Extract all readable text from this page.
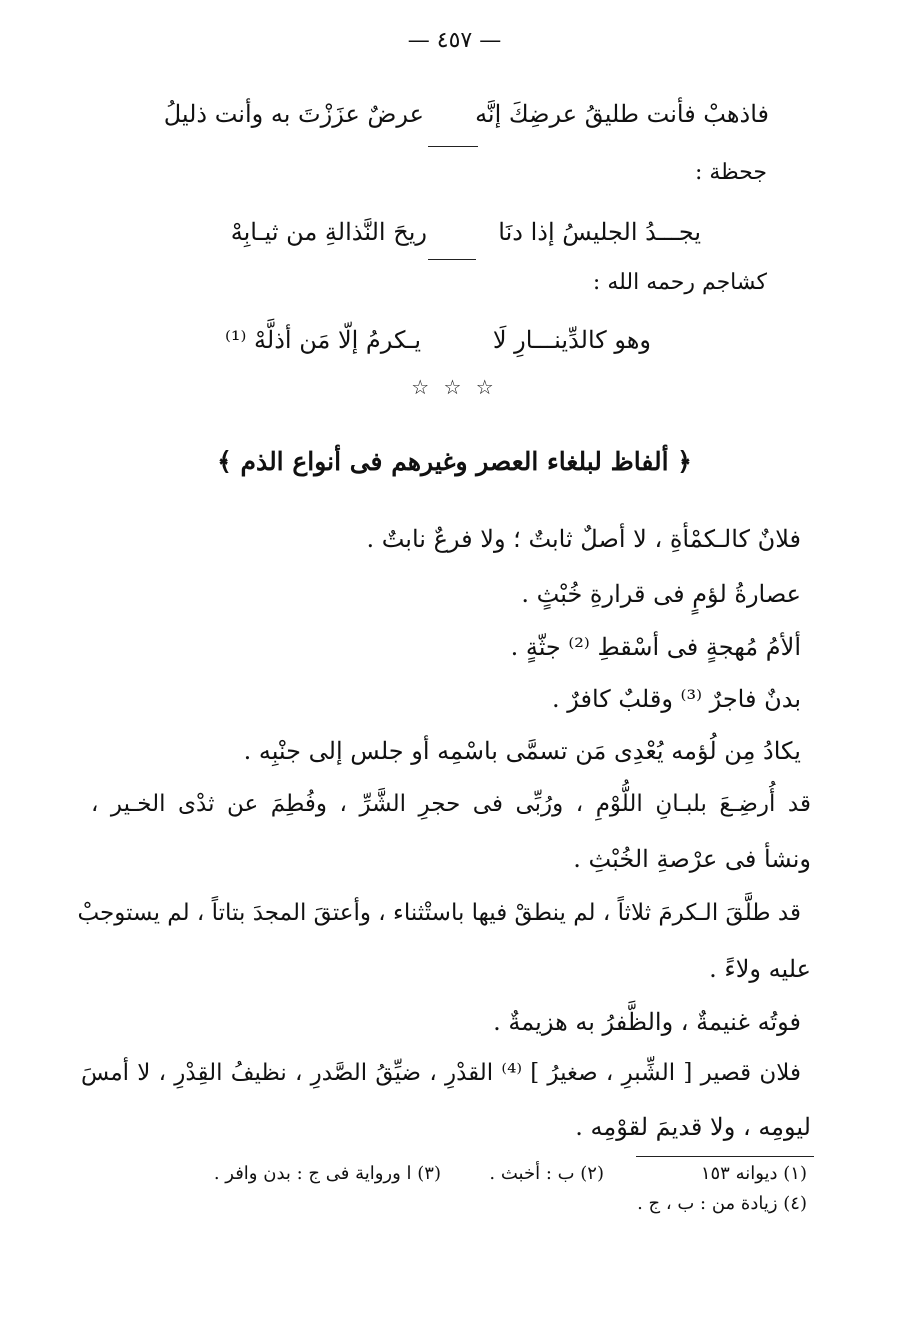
— ٤٥٧ —
فاذهبْ فأنت طليقُ عرضِكَ إنَّه
عرضٌ عزَزْتَ به وأنت ذليلُ
جحظة :
يجـــدُ الجليسُ إذا دنَا
ريحَ النَّذالةِ من ثيـابِهْ
كشاجم رحمه الله :
وهو كالدِّينـــارِ لَا
يـكرمُ إلّا مَن أذلَّهْ ⁽¹⁾
☆ ☆ ☆
﴿ ألفاظ لبلغاء العصر وغيرهم فى أنواع الذم ﴾
فلانٌ كالـكمْأةِ ، لا أصلٌ ثابتٌ ؛ ولا فرعٌ نابتٌ .
عصارةُ لؤمٍ فى قرارةِ خُبْثٍ .
ألأمُ مُهجةٍ فى أسْقطِ ⁽²⁾ جثّةٍ .
بدنٌ فاجرٌ ⁽³⁾ وقلبٌ كافرٌ .
يكادُ مِن لُؤمه يُعْدِى مَن تسمَّى باسْمِه أو جلس إلى جنْبِه .
قد أُرضِـعَ بلبـانِ اللُّوْمِ ، ورُبِّى فى حجرِ الشَّرِّ ، وفُطِمَ عن ثدْى الخـير ،
ونشأ فى عرْصةِ الخُبْثِ .
قد طلَّقَ الـكرمَ ثلاثاً ، لم ينطقْ فيها باستْثناء ، وأعتقَ المجدَ بتاتاً ، لم يستوجبْ
عليه ولاءً .
فوتُه غنيمةٌ ، والظَّفرُ به هزيمةٌ .
فلان قصير [ الشِّبرِ ، صغيرُ ] ⁽⁴⁾ القدْرِ ، ضيِّقُ الصَّدرِ ، نظيفُ القِدْرِ ، لا أمسَ
ليومِه ، ولا قديمَ لقوْمِه .
(١) ديوانه ١٥٣
(٢) ب : أخبث .
(٣) ا ورواية فى ج : بدن وافر .
(٤) زيادة من : ب ، ج .
